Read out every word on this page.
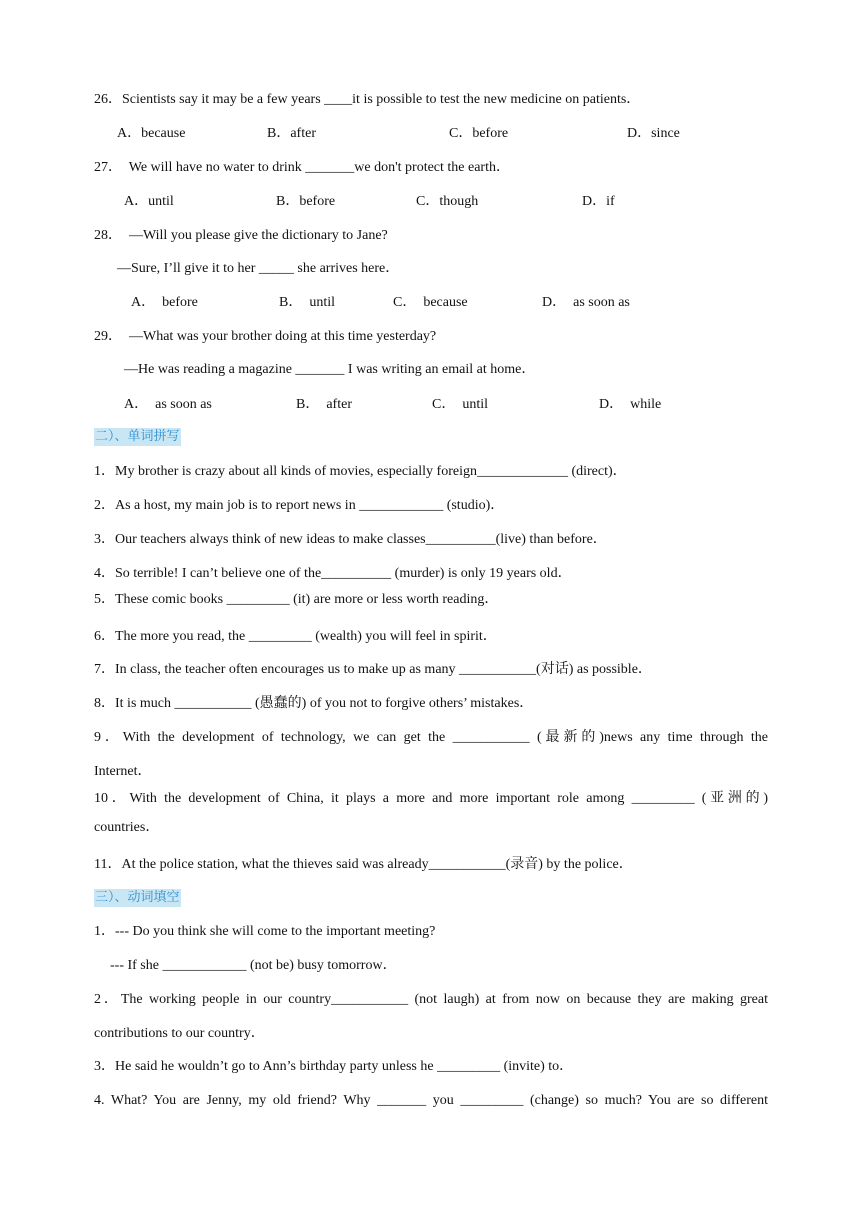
26．Scientists say it may be a few years ____it is possible to test the new medicine on patients．
A．because	B．after	C．before	D．since
27．  We will have no water to drink _______we don't protect the earth．
A．until	B．before	C．though	D．if
28．  —Will you please give the dictionary to Jane?
—Sure, I’ll give it to her _____ she arrives here．
A．  before	B．  until	C．  because	D．  as soon as
29．  —What was your brother doing at this time yesterday?
—He was reading a magazine _______ I was writing an email at home．
A．  as soon as	B．  after	C．  until	D．  while
二）、单词拼写
1．My brother is crazy about all kinds of movies, especially foreign_____________ (direct)．
2．As a host, my main job is to report news in ____________ (studio)．
3．Our teachers always think of new ideas to make classes__________(live) than before．
4．So terrible! I can’t believe one of the__________ (murder) is only 19 years old．
5．These comic books _________ (it) are more or less worth reading．
6．The more you read, the _________ (wealth) you will feel in spirit．
7．In class, the teacher often encourages us to make up as many ___________(对话) as possible．
8．It is much ___________ (愚蠢的) of you not to forgive others’ mistakes．
9．With the development of technology, we can get the ___________ (最新的)news any time through the
Internet．
10．With the development of China, it plays a more and more important role among _________ (亚洲的)
countries．
11．At the police station, what the thieves said was already___________(录音) by the police．
三）、动词填空
1．--- Do you think she will come to the important meeting?
--- If she ____________ (not be) busy tomorrow．
2．The working people in our country___________ (not laugh) at from now on because they are making great
contributions to our country．
3．He said he wouldn’t go to Ann’s birthday party unless he _________ (invite) to．
4. What? You are Jenny, my old friend? Why _______ you _________ (change) so much? You are so different
